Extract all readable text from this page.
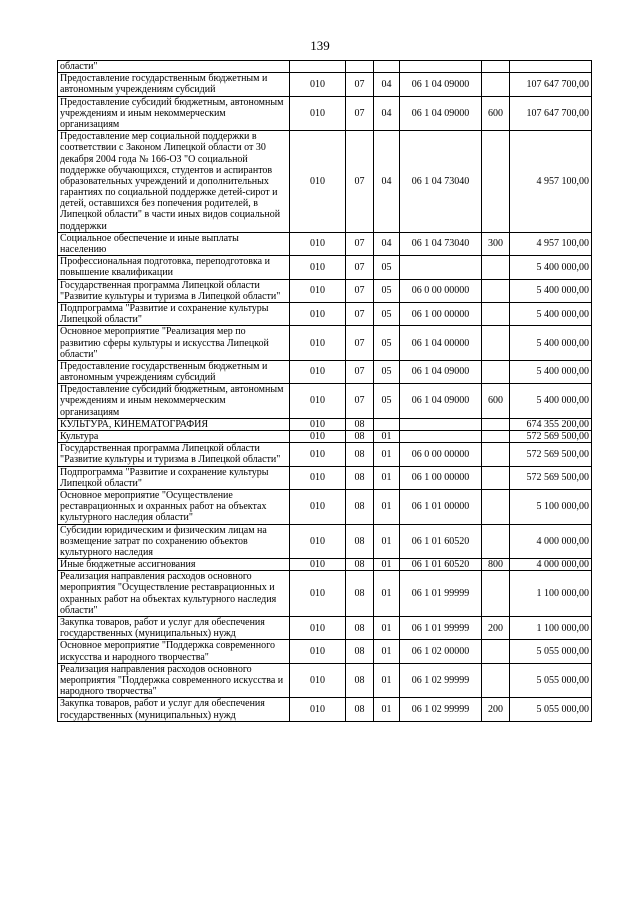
139
области"						
Предоставление государственным бюджетным и автономным учреждениям субсидий	010	07	04	06 1 04 09000		107 647 700,00
Предоставление субсидий бюджетным, автономным учреждениям и иным некоммерческим организациям	010	07	04	06 1 04 09000	600	107 647 700,00
Предоставление мер социальной поддержки в соответствии с Законом Липецкой области от 30 декабря 2004 года № 166-ОЗ "О социальной поддержке обучающихся, студентов и аспирантов образовательных учреждений и дополнительных гарантиях по социальной поддержке детей-сирот и детей, оставшихся без попечения родителей, в Липецкой области" в части иных видов социальной поддержки	010	07	04	06 1 04 73040		4 957 100,00
Социальное обеспечение и иные выплаты населению	010	07	04	06 1 04 73040	300	4 957 100,00
Профессиональная подготовка, переподготовка и повышение квалификации	010	07	05			5 400 000,00
Государственная программа Липецкой области "Развитие культуры и туризма в Липецкой области"	010	07	05	06 0 00 00000		5 400 000,00
Подпрограмма "Развитие и сохранение культуры Липецкой области"	010	07	05	06 1 00 00000		5 400 000,00
Основное мероприятие "Реализация мер по развитию сферы культуры и искусства Липецкой области"	010	07	05	06 1 04 00000		5 400 000,00
Предоставление государственным бюджетным и автономным учреждениям субсидий	010	07	05	06 1 04 09000		5 400 000,00
Предоставление субсидий бюджетным, автономным учреждениям и иным некоммерческим организациям	010	07	05	06 1 04 09000	600	5 400 000,00
КУЛЬТУРА, КИНЕМАТОГРАФИЯ	010	08				674 355 200,00
Культура	010	08	01			572 569 500,00
Государственная программа Липецкой области "Развитие культуры и туризма в Липецкой области"	010	08	01	06 0 00 00000		572 569 500,00
Подпрограмма "Развитие и сохранение культуры Липецкой области"	010	08	01	06 1 00 00000		572 569 500,00
Основное мероприятие "Осуществление реставрационных и охранных работ на объектах культурного наследия области"	010	08	01	06 1 01 00000		5 100 000,00
Субсидии юридическим и физическим лицам на возмещение затрат по сохранению объектов культурного наследия	010	08	01	06 1 01 60520		4 000 000,00
Иные бюджетные ассигнования	010	08	01	06 1 01 60520	800	4 000 000,00
Реализация направления расходов основного мероприятия "Осуществление реставрационных и охранных работ на объектах культурного наследия области"	010	08	01	06 1 01 99999		1 100 000,00
Закупка товаров, работ и услуг для обеспечения государственных (муниципальных) нужд	010	08	01	06 1 01 99999	200	1 100 000,00
Основное мероприятие "Поддержка современного искусства и народного творчества"	010	08	01	06 1 02 00000		5 055 000,00
Реализация направления расходов основного мероприятия "Поддержка современного искусства и народного творчества"	010	08	01	06 1 02 99999		5 055 000,00
Закупка товаров, работ и услуг для обеспечения государственных (муниципальных) нужд	010	08	01	06 1 02 99999	200	5 055 000,00
